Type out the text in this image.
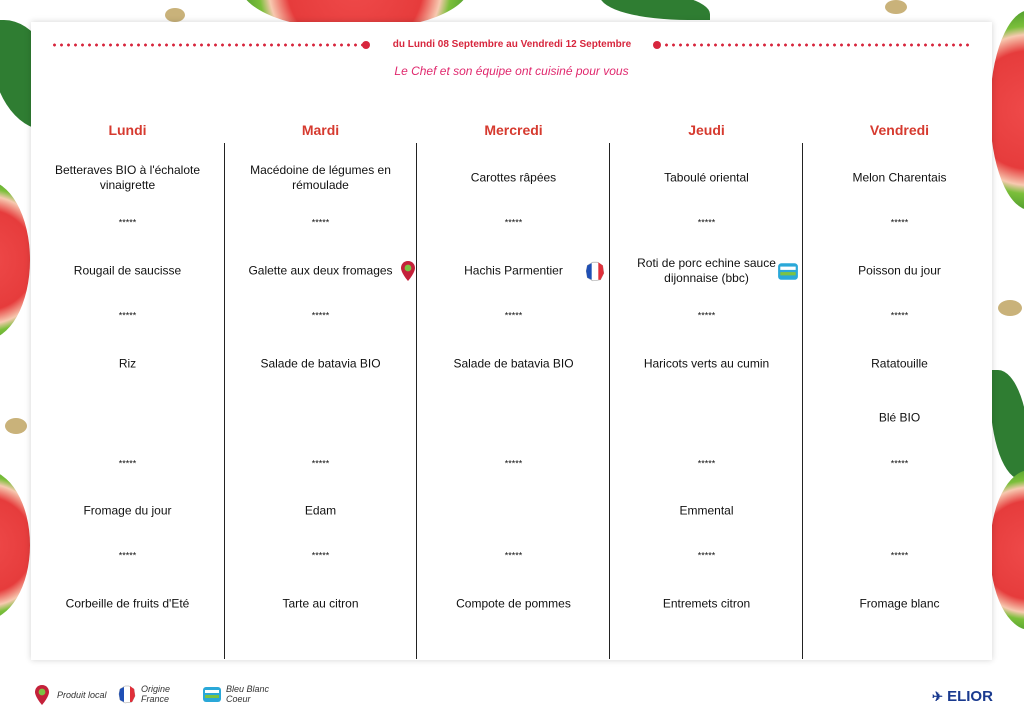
du Lundi 08 Septembre au Vendredi 12 Septembre
Le Chef et son équipe ont cuisiné pour vous
Lundi
Betteraves BIO à l'échalote vinaigrette
Rougail de saucisse
Riz
Fromage du jour
Corbeille de fruits d'Eté
*****
*****
*****
*****
Mardi
Macédoine de légumes en rémoulade
Galette aux deux fromages
Salade de batavia BIO
Edam
Tarte au citron
*****
*****
*****
*****
Mercredi
Carottes râpées
Hachis Parmentier
Salade de batavia BIO
Compote de pommes
*****
*****
*****
*****
Jeudi
Taboulé oriental
Roti de porc echine sauce dijonnaise (bbc)
Haricots verts au cumin
Emmental
Entremets citron
*****
*****
*****
*****
Vendredi
Melon Charentais
Poisson du jour
Ratatouille
Blé BIO
Fromage blanc
*****
*****
*****
*****
Produit local
Origine
France
Bleu Blanc
Coeur	✈ ELIOR
